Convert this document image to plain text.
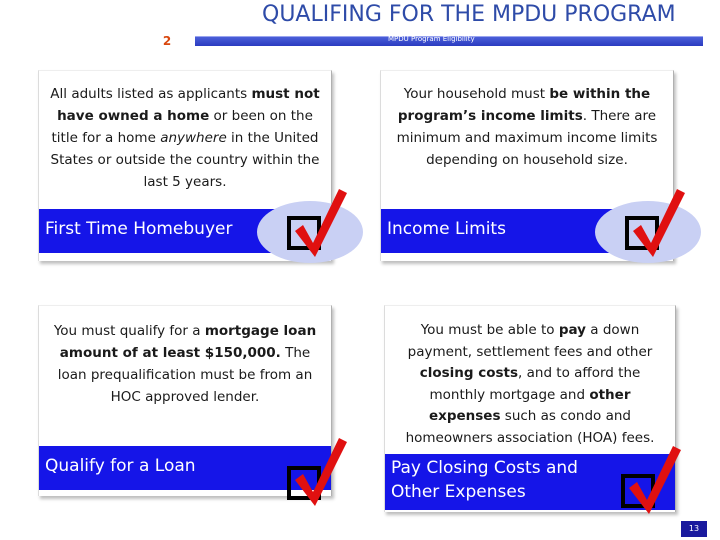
QUALIFING FOR THE MPDU PROGRAM
2	MPDU Program Eligibility
All adults listed as applicants must not have owned a home or been on the title for a home anywhere in the United States or outside the country within the last 5 years.
First Time Homebuyer
Your household must be within the program’s income limits. There are minimum and maximum income limits depending on household size.
Income Limits
You must qualify for a mortgage loan amount of at least $150,000. The loan prequalification must be from an HOC approved lender.
Qualify for a Loan
You must be able to pay a down payment, settlement fees and other closing costs, and to afford the monthly mortgage and other expenses such as condo and homeowners association (HOA) fees.
Pay Closing Costs and Other Expenses
13
